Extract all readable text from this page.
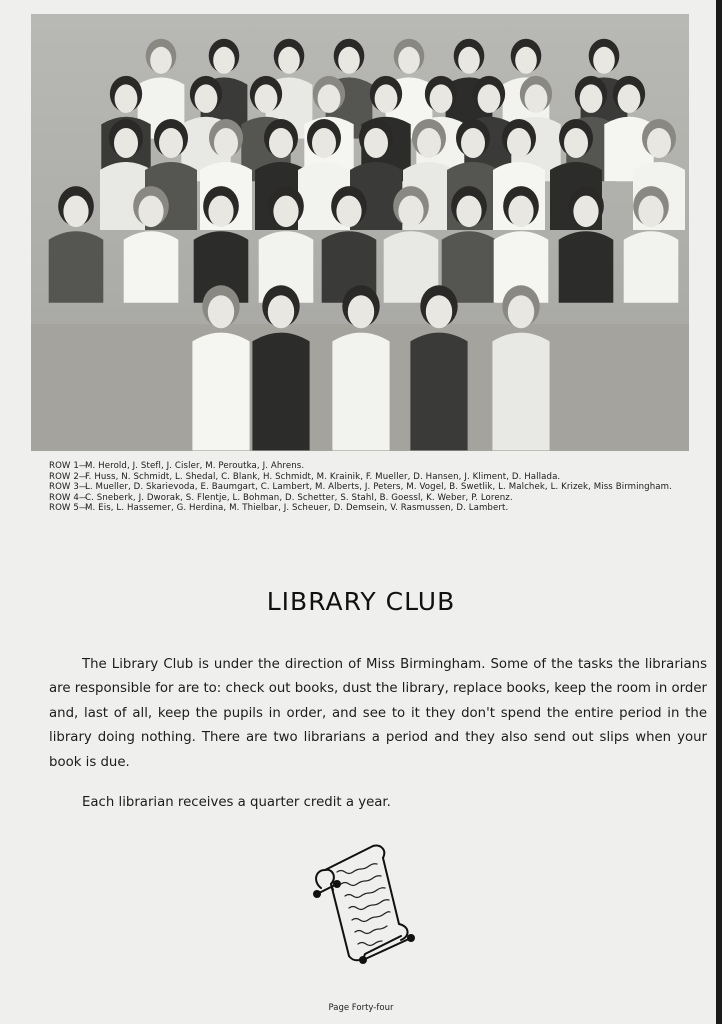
ROW 1—
M. Herold, J. Stefl, J. Cisler, M. Peroutka, J. Ahrens.
ROW 2—
F. Huss, N. Schmidt, L. Shedal, C. Blank, H. Schmidt, M. Krainik, F. Mueller, D. Hansen, J. Kliment, D. Hallada.
ROW 3—
L. Mueller, D. Skarievoda, E. Baumgart, C. Lambert, M. Alberts, J. Peters, M. Vogel, B. Swetlik, L. Malchek, L. Krizek, Miss Birmingham.
ROW 4—
C. Sneberk, J. Dworak, S. Flentje, L. Bohman, D. Schetter, S. Stahl, B. Goessl, K. Weber, P. Lorenz.
ROW 5—
M. Eis, L. Hassemer, G. Herdina, M. Thielbar, J. Scheuer, D. Demsein, V. Rasmussen, D. Lambert.
LIBRARY CLUB

The Library Club is under the direction of Miss Birmingham. Some of the tasks the librarians are responsible for are to: check out books, dust the library, replace books, keep the room in order and, last of all, keep the pupils in order, and see to it they don't spend the entire period in the library doing nothing. There are two librarians a period and they also send out slips when your book is due.

Each librarian receives a quarter credit a year.

Page Forty-four
